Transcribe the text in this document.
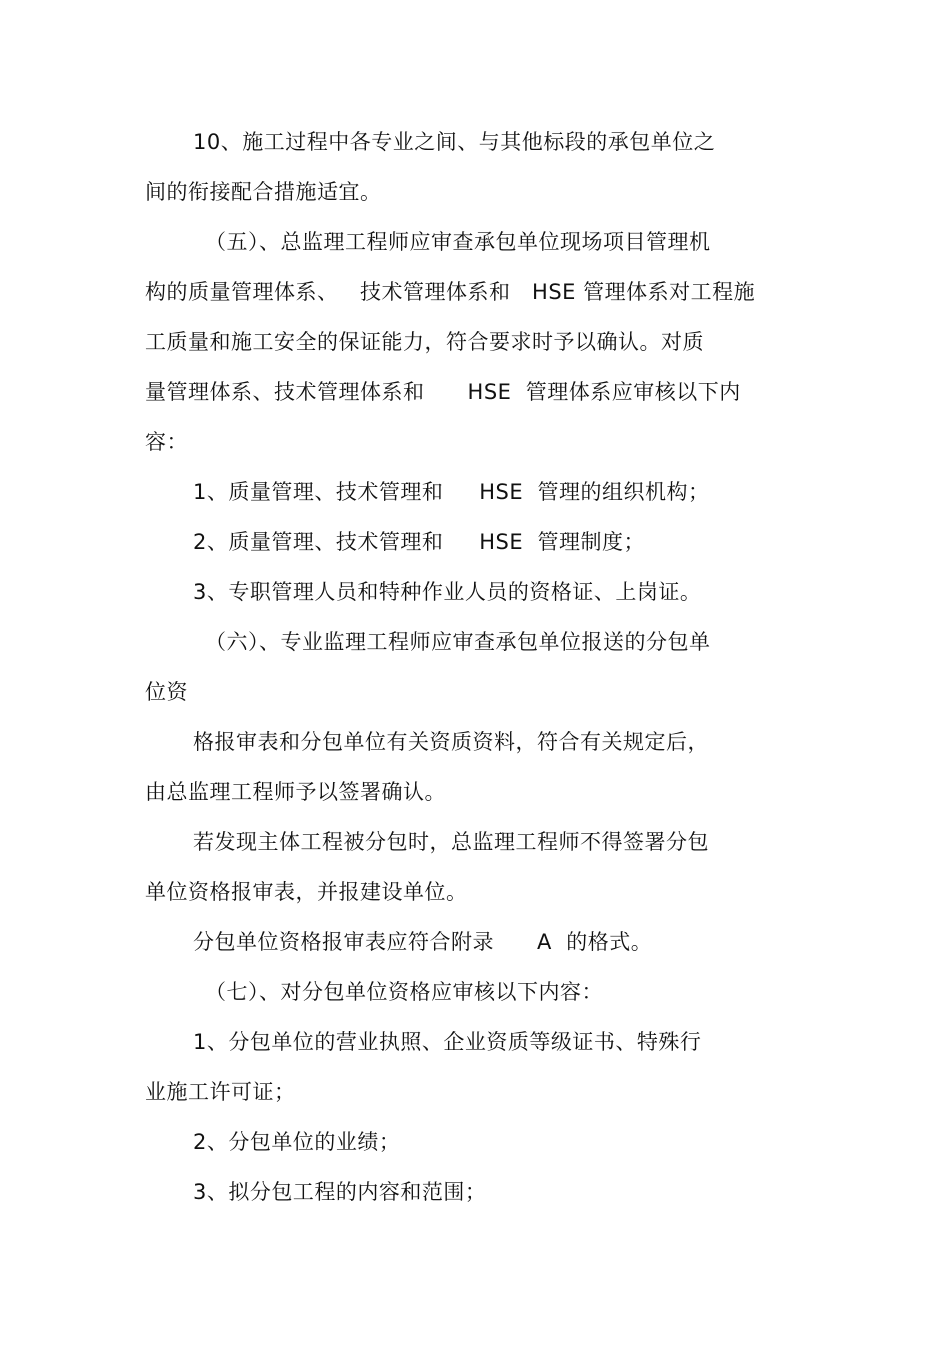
10、施工过程中各专业之间、与其他标段的承包单位之
间的衔接配合措施适宜。
（五）、总监理工程师应审查承包单位现场项目管理机
构的质量管理体系、   技术管理体系和   HSE 管理体系对工程施
工质量和施工安全的保证能力，符合要求时予以确认。对质
量管理体系、技术管理体系和      HSE  管理体系应审核以下内
容：
1、质量管理、技术管理和     HSE  管理的组织机构；
2、质量管理、技术管理和     HSE  管理制度；
3、专职管理人员和特种作业人员的资格证、上岗证。
（六）、专业监理工程师应审查承包单位报送的分包单
位资
格报审表和分包单位有关资质资料，符合有关规定后，
由总监理工程师予以签署确认。
若发现主体工程被分包时，总监理工程师不得签署分包
单位资格报审表，并报建设单位。
分包单位资格报审表应符合附录      A  的格式。
（七）、对分包单位资格应审核以下内容：
1、分包单位的营业执照、企业资质等级证书、特殊行
业施工许可证；
2、分包单位的业绩；
3、拟分包工程的内容和范围；
